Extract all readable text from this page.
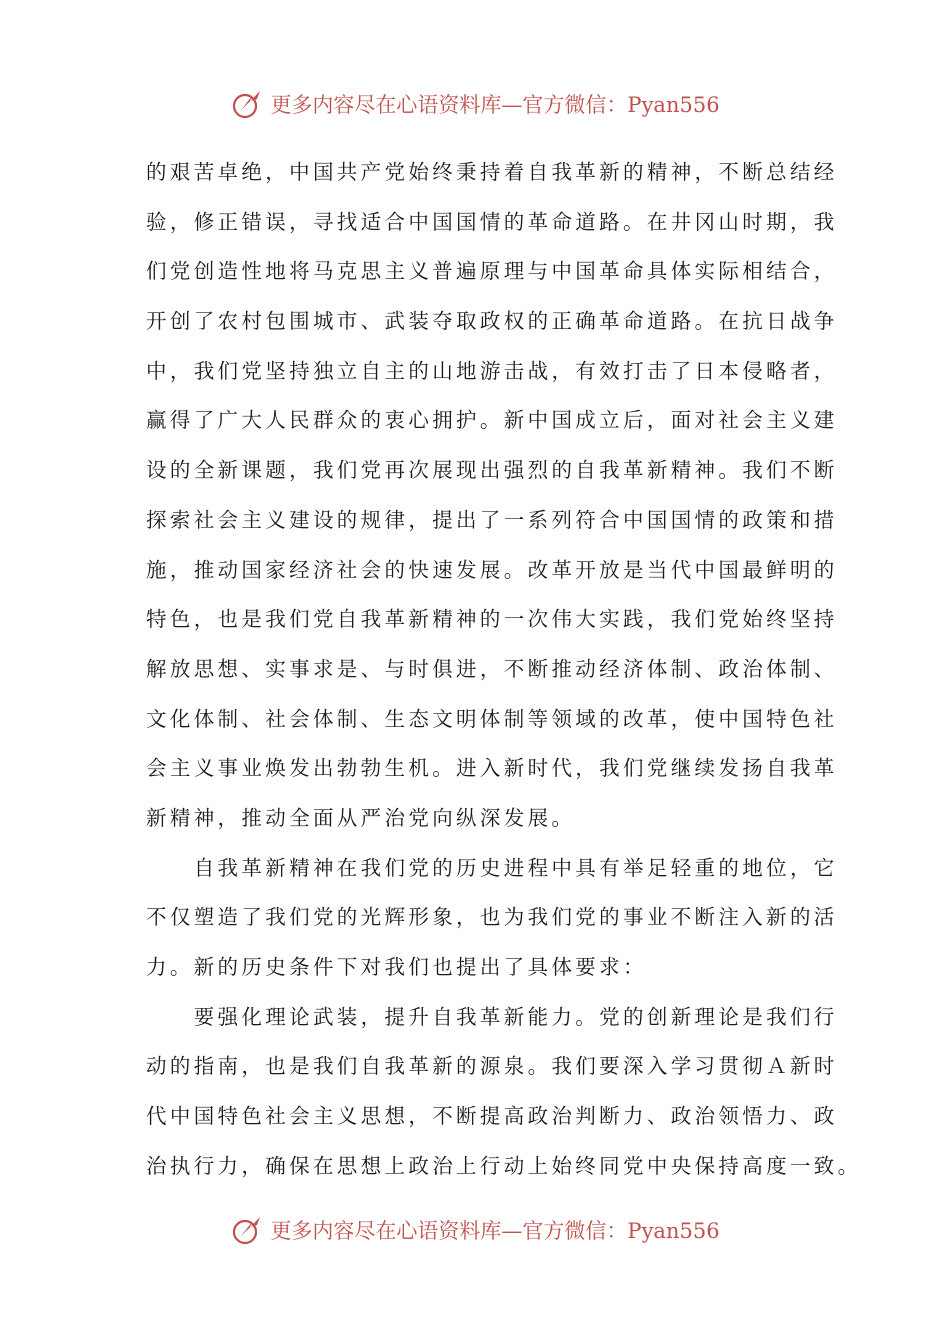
更多内容尽在心语资料库—官方微信：Pyan556
的艰苦卓绝，中国共产党始终秉持着自我革新的精神，不断总结经
验，修正错误，寻找适合中国国情的革命道路。在井冈山时期，我
们党创造性地将马克思主义普遍原理与中国革命具体实际相结合，
开创了农村包围城市、武装夺取政权的正确革命道路。在抗日战争
中，我们党坚持独立自主的山地游击战，有效打击了日本侵略者，
赢得了广大人民群众的衷心拥护。新中国成立后，面对社会主义建
设的全新课题，我们党再次展现出强烈的自我革新精神。我们不断
探索社会主义建设的规律，提出了一系列符合中国国情的政策和措
施，推动国家经济社会的快速发展。改革开放是当代中国最鲜明的
特色，也是我们党自我革新精神的一次伟大实践，我们党始终坚持
解放思想、实事求是、与时俱进，不断推动经济体制、政治体制、
文化体制、社会体制、生态文明体制等领域的改革，使中国特色社
会主义事业焕发出勃勃生机。进入新时代，我们党继续发扬自我革
新精神，推动全面从严治党向纵深发展。
　　自我革新精神在我们党的历史进程中具有举足轻重的地位，它
不仅塑造了我们党的光辉形象，也为我们党的事业不断注入新的活
力。新的历史条件下对我们也提出了具体要求：
　　要强化理论武装，提升自我革新能力。党的创新理论是我们行
动的指南，也是我们自我革新的源泉。我们要深入学习贯彻Ａ新时
代中国特色社会主义思想，不断提高政治判断力、政治领悟力、政
治执行力，确保在思想上政治上行动上始终同党中央保持高度一致。
更多内容尽在心语资料库—官方微信：Pyan556
